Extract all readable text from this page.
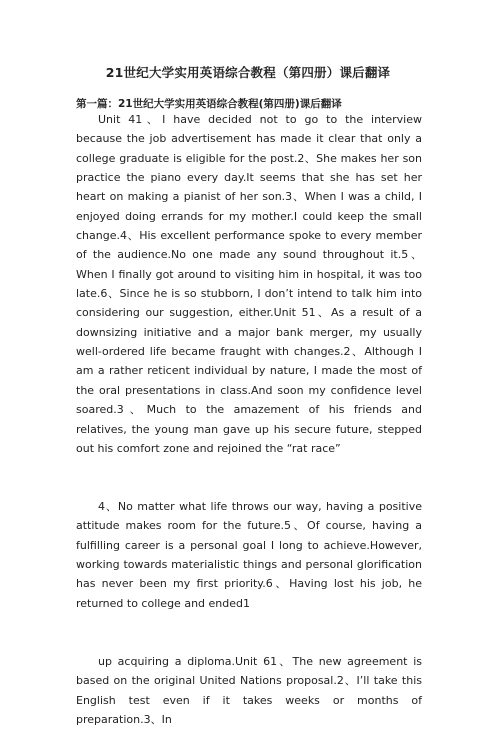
21世纪大学实用英语综合教程（第四册）课后翻译
第一篇：21世纪大学实用英语综合教程(第四册)课后翻译

Unit 41、I have decided not to go to the interview because the job advertisement has made it clear that only a college graduate is eligible for the post.2、She makes her son practice the piano every day.It seems that she has set her heart on making a pianist of her son.3、When I was a child, I enjoyed doing errands for my mother.I could keep the small change.4、His excellent performance spoke to every member of the audience.No one made any sound throughout it.5、When I finally got around to visiting him in hospital, it was too late.6、Since he is so stubborn, I don’t intend to talk him into considering our suggestion, either.Unit 51、As a result of a downsizing initiative and a major bank merger, my usually well-ordered life became fraught with changes.2、Although I am a rather reticent individual by nature, I made the most of the oral presentations in class.And soon my confidence level soared.3、Much to the amazement of his friends and relatives, the young man gave up his secure future, stepped out his comfort zone and rejoined the “rat race”

4、No matter what life throws our way, having a positive attitude makes room for the future.5、Of course, having a fulfilling career is a personal goal I long to achieve.However, working towards materialistic things and personal glorification has never been my first priority.6、Having lost his job, he returned to college and ended1

up acquiring a diploma.Unit 61、The new agreement is based on the original United Nations proposal.2、I’ll take this English test even if it takes weeks or months of preparation.3、In
